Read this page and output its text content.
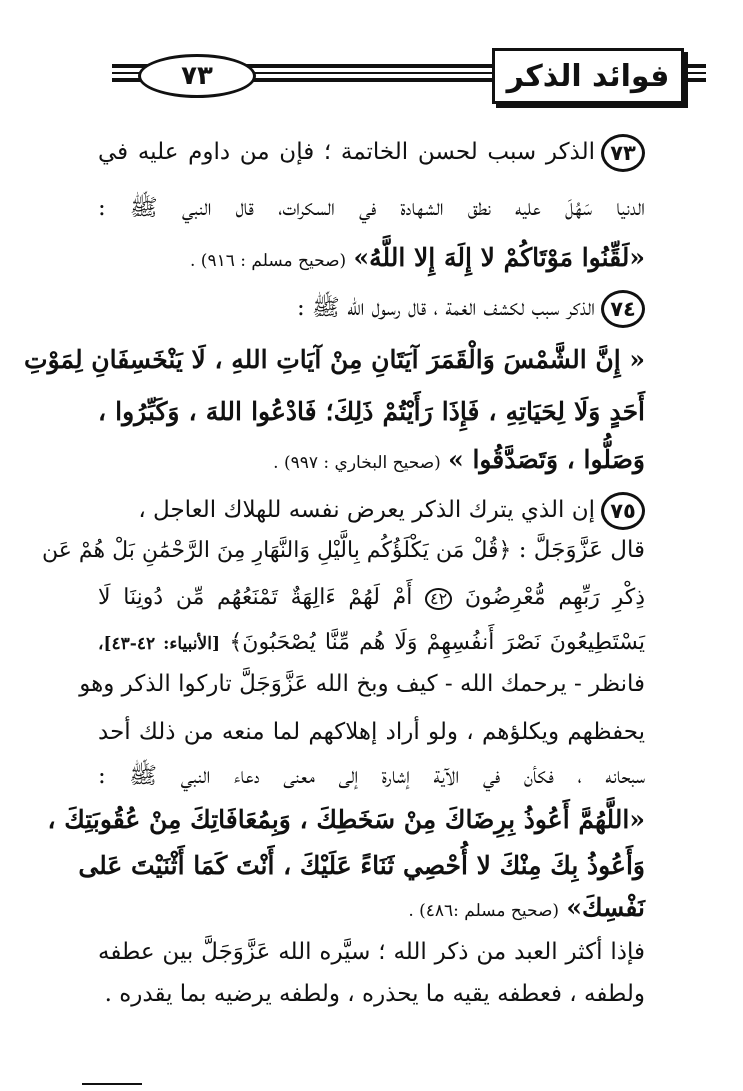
فوائد الذكر
٧٣
٧٣الذكر سبب لحسن الخاتمة ؛ فإن من داوم عليه في
الدنيا سَهُلَ عليه نطق الشهادة في السكرات، قال النبي ﷺ :
«لَقِّنُوا مَوْتَاكُمْ لا إِلَهَ إِلا اللَّهُ» (صحيح مسلم : ٩١٦) .
٧٤الذكر سبب لكشف الغمة ، قال رسول الله ﷺ :
« إِنَّ الشَّمْسَ وَالْقَمَرَ آيَتَانِ مِنْ آيَاتِ اللهِ ، لَا يَنْخَسِفَانِ لِمَوْتِ
أَحَدٍ وَلَا لِحَيَاتِهِ ، فَإِذَا رَأَيْتُمْ ذَلِكَ؛ فَادْعُوا اللهَ ، وَكَبِّرُوا ،
وَصَلُّوا ، وَتَصَدَّقُوا » (صحيح البخاري : ٩٩٧) .
٧٥إن الذي يترك الذكر يعرض نفسه للهلاك العاجل ،
قال عَزَّوَجَلَّ : ﴿قُلْ مَن يَكْلَؤُكُم بِالَّيْلِ وَالنَّهَارِ مِنَ الرَّحْمَٰنِ بَلْ هُمْ عَن
ذِكْرِ رَبِّهِم مُّعْرِضُونَ ٤٢ أَمْ لَهُمْ ءَالِهَةٌ تَمْنَعُهُم مِّن دُونِنَا لَا
يَسْتَطِيعُونَ نَصْرَ أَنفُسِهِمْ وَلَا هُم مِّنَّا يُصْحَبُونَ﴾ [الأنبياء: ٤٢-٤٣]،
فانظر - يرحمك الله - كيف وبخ الله عَزَّوَجَلَّ تاركوا الذكر وهو
يحفظهم ويكلؤهم ، ولو أراد إهلاكهم لما منعه من ذلك أحد
سبحانه ، فكأن في الآية إشارة إلى معنى دعاء النبي ﷺ :
«اللَّهُمَّ أَعُوذُ بِرِضَاكَ مِنْ سَخَطِكَ ، وَبِمُعَافَاتِكَ مِنْ عُقُوبَتِكَ ،
وَأَعُوذُ بِكَ مِنْكَ لا أُحْصِي ثَنَاءً عَلَيْكَ ، أَنْتَ كَمَا أَثْنَيْتَ عَلى
نَفْسِكَ» (صحيح مسلم :٤٨٦) .
فإذا أكثر العبد من ذكر الله ؛ سيَّره الله عَزَّوَجَلَّ بين عطفه
ولطفه ، فعطفه يقيه ما يحذره ، ولطفه يرضيه بما يقدره .
